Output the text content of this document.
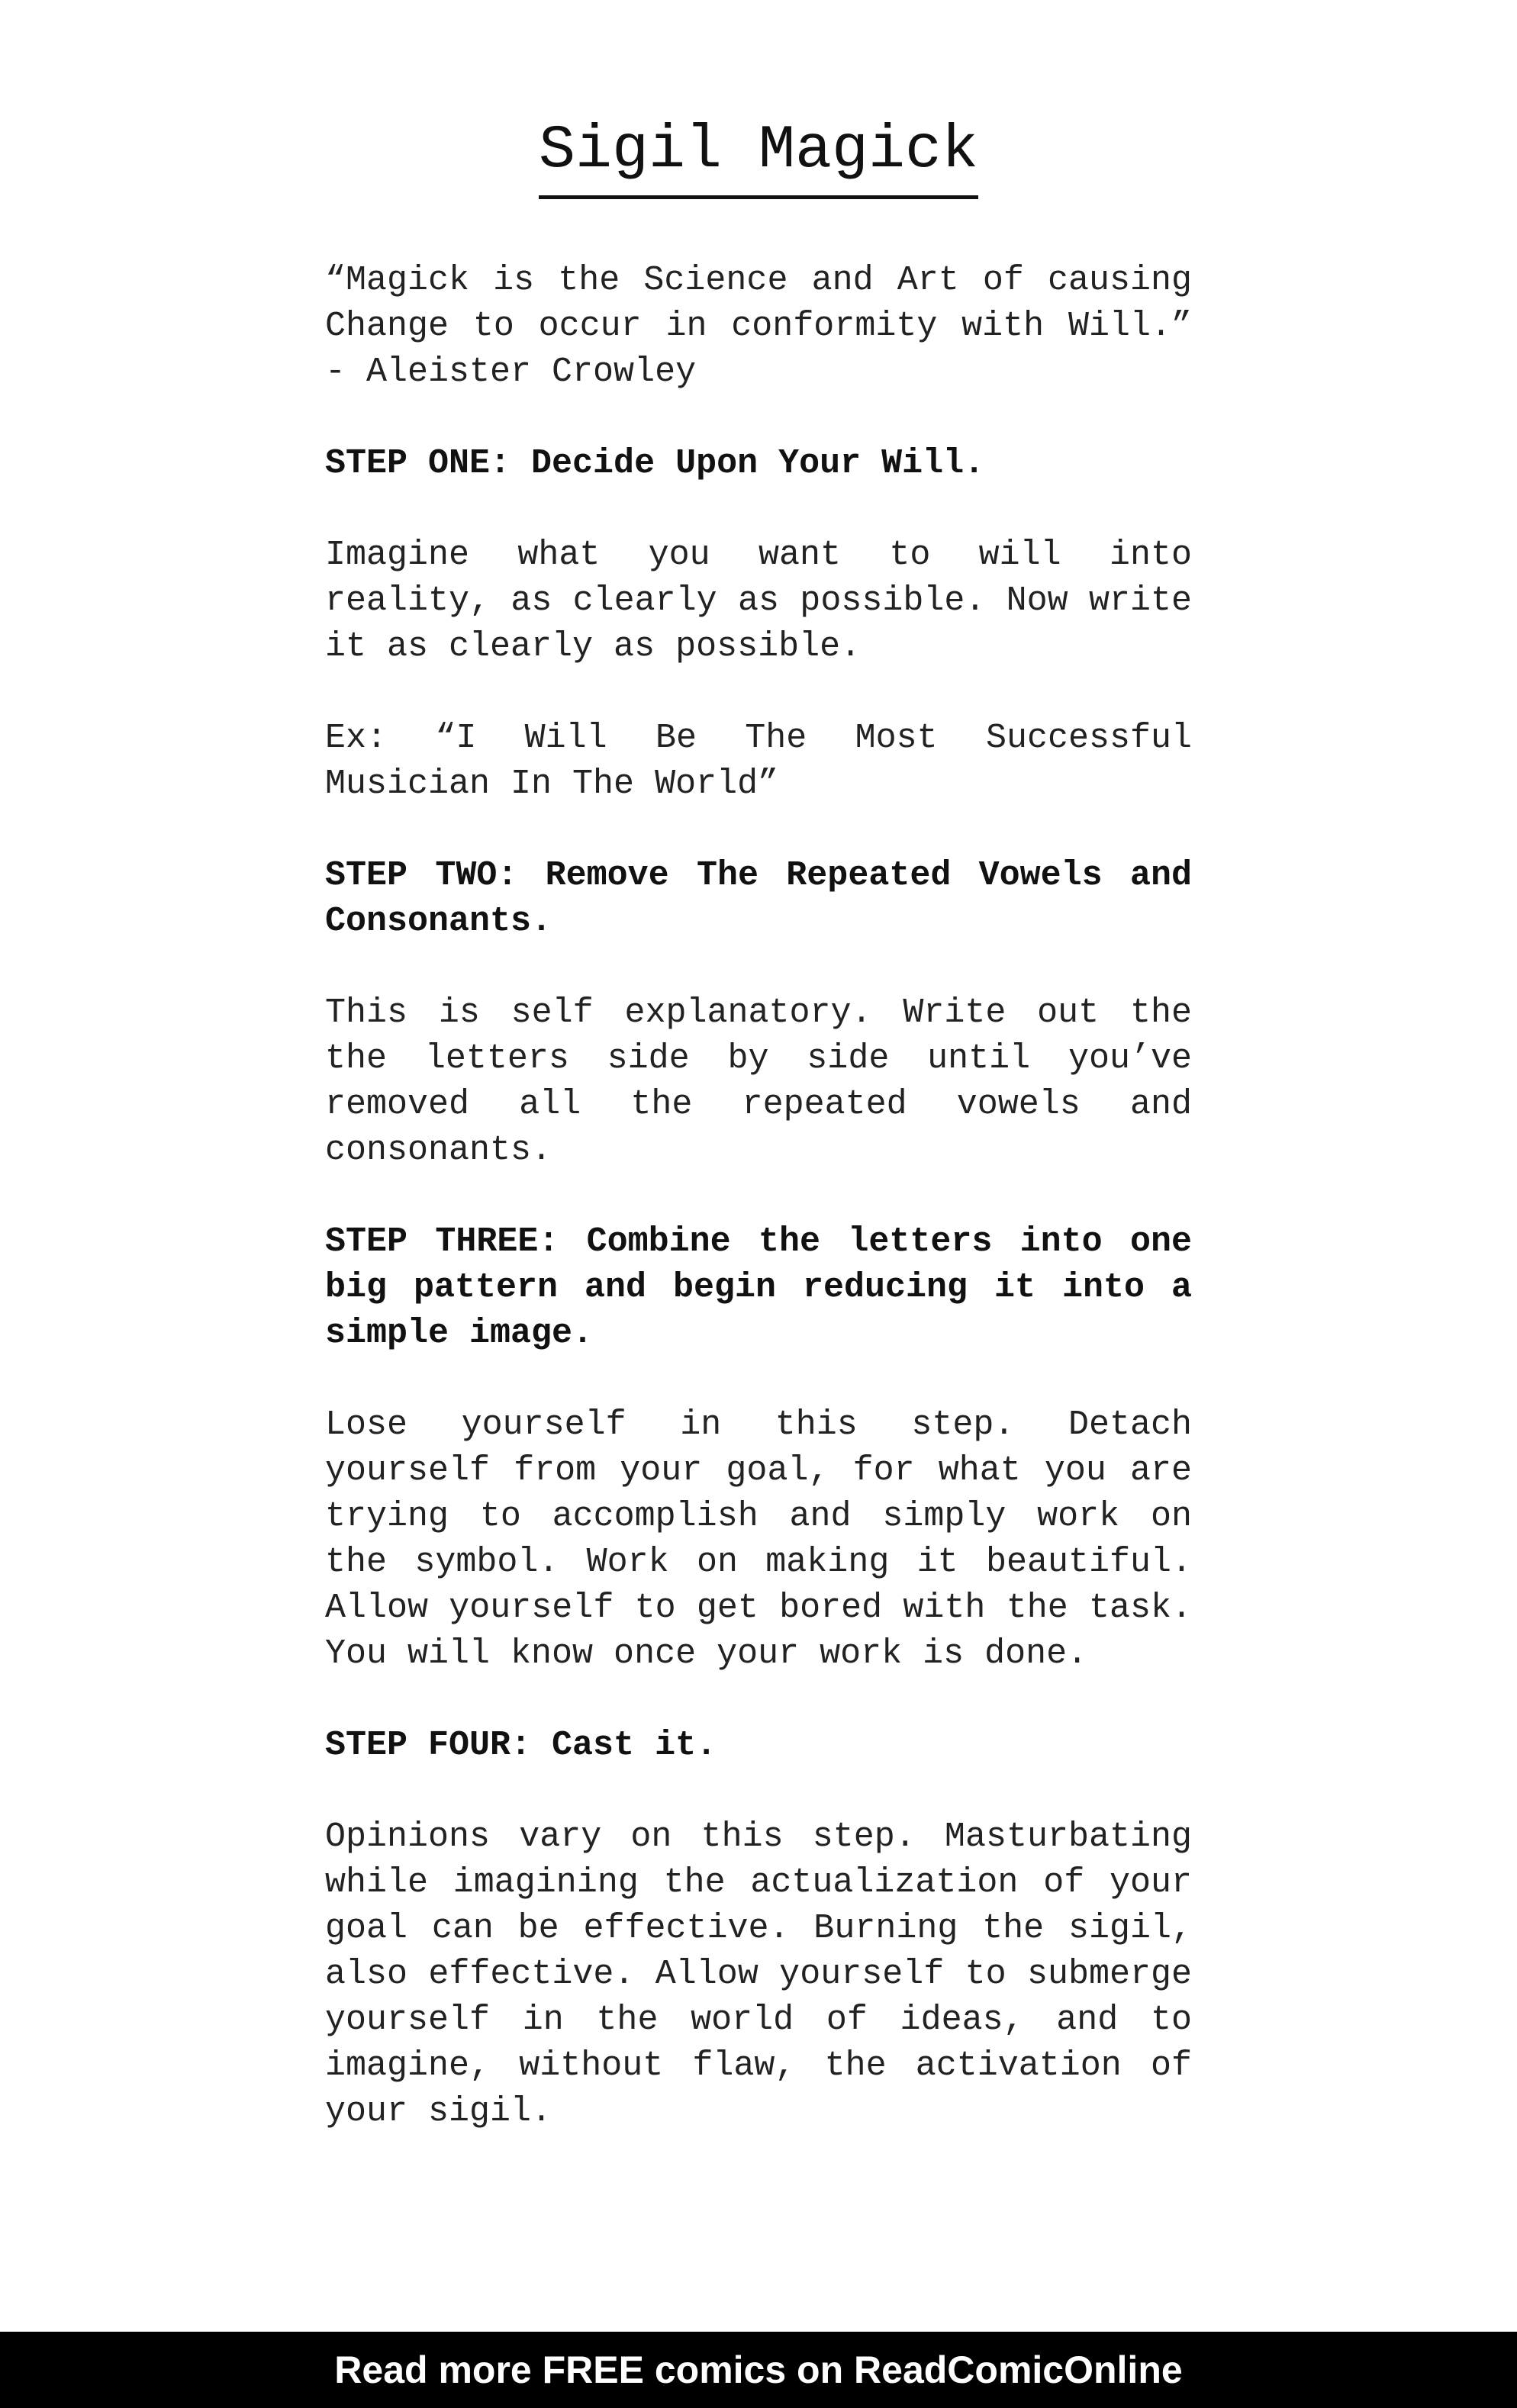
Sigil Magick

“Magick is the Science and Art of causing Change to occur in conformity with Will.” - Aleister Crowley

STEP ONE: Decide Upon Your Will.

Imagine what you want to will into reality, as clearly as possible. Now write it as clearly as possible.

Ex: “I Will Be The Most Successful Musician In The World”

STEP TWO: Remove The Repeated Vowels and Consonants.

This is self explanatory. Write out the the letters side by side until you’ve removed all the repeated vowels and consonants.

STEP THREE: Combine the letters into one big pattern and begin reducing it into a simple image.

Lose yourself in this step. Detach yourself from your goal, for what you are trying to accomplish and simply work on the symbol. Work on making it beautiful. Allow yourself to get bored with the task. You will know once your work is done.

STEP FOUR: Cast it.

Opinions vary on this step. Masturbating while imagining the actualization of your goal can be effective. Burning the sigil, also effective. Allow yourself to submerge yourself in the world of ideas, and to imagine, without flaw, the activation of your sigil.

Read more FREE comics on ReadComicOnline
